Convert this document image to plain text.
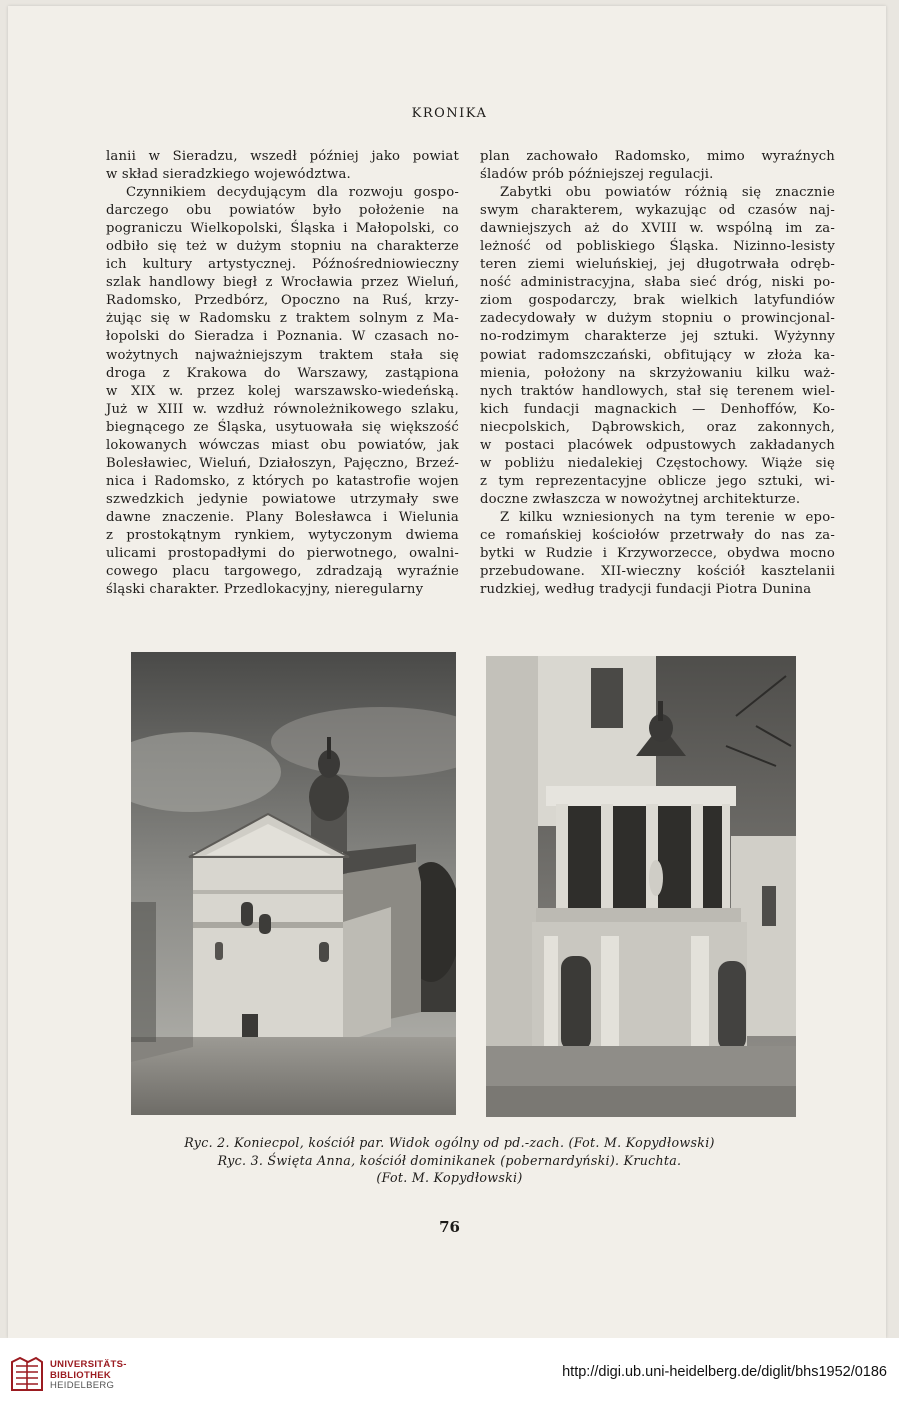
KRONIKA

lanii w Sieradzu, wszedł później jako powiat
w skład sieradzkiego województwa.

Czynnikiem decydującym dla rozwoju gospo-
darczego obu powiatów było położenie na
pograniczu Wielkopolski, Śląska i Małopolski, co
odbiło się też w dużym stopniu na charakterze
ich kultury artystycznej. Późnośredniowieczny
szlak handlowy biegł z Wrocławia przez Wieluń,
Radomsko, Przedbórz, Opoczno na Ruś, krzy-
żując się w Radomsku z traktem solnym z Ma-
łopolski do Sieradza i Poznania. W czasach no-
wożytnych najważniejszym traktem stała się
droga z Krakowa do Warszawy, zastąpiona
w XIX w. przez kolej warszawsko-wiedeńską.
Już w XIII w. wzdłuż równoleżnikowego szlaku,
biegnącego ze Śląska, usytuowała się większość
lokowanych wówczas miast obu powiatów, jak
Bolesławiec, Wieluń, Działoszyn, Pajęczno, Brzeź-
nica i Radomsko, z których po katastrofie wojen
szwedzkich jedynie powiatowe utrzymały swe
dawne znaczenie. Plany Bolesławca i Wielunia
z prostokątnym rynkiem, wytyczonym dwiema
ulicami prostopadłymi do pierwotnego, owalni-
cowego placu targowego, zdradzają wyraźnie
śląski charakter. Przedlokacyjny, nieregularny

plan zachowało Radomsko, mimo wyraźnych
śladów prób późniejszej regulacji.

Zabytki obu powiatów różnią się znacznie
swym charakterem, wykazując od czasów naj-
dawniejszych aż do XVIII w. wspólną im za-
leżność od pobliskiego Śląska. Nizinno-lesisty
teren ziemi wieluńskiej, jej długotrwała odręb-
ność administracyjna, słaba sieć dróg, niski po-
ziom gospodarczy, brak wielkich latyfundiów
zadecydowały w dużym stopniu o prowincjonal-
no-rodzimym charakterze jej sztuki. Wyżynny
powiat radomszczański, obfitujący w złoża ka-
mienia, położony na skrzyżowaniu kilku waż-
nych traktów handlowych, stał się terenem wiel-
kich fundacji magnackich — Denhoffów, Ko-
niecpolskich, Dąbrowskich, oraz zakonnych,
w postaci placówek odpustowych zakładanych
w pobliżu niedalekiej Częstochowy. Wiąże się
z tym reprezentacyjne oblicze jego sztuki, wi-
doczne zwłaszcza w nowożytnej architekturze.

Z kilku wzniesionych na tym terenie w epo-
ce romańskiej kościołów przetrwały do nas za-
bytki w Rudzie i Krzyworzecce, obydwa mocno
przebudowane. XII-wieczny kościół kasztelanii
rudzkiej, według tradycji fundacji Piotra Dunina

Ryc. 2. Koniecpol, kościół par. Widok ogólny od pd.-zach. (Fot. M. Kopydłowski)
Ryc. 3. Święta Anna, kościół dominikanek (pobernardyński). Kruchta.
(Fot. M. Kopydłowski)
76
UNIVERSITÄTS-
BIBLIOTHEK
HEIDELBERG
http://digi.ub.uni-heidelberg.de/diglit/bhs1952/0186
